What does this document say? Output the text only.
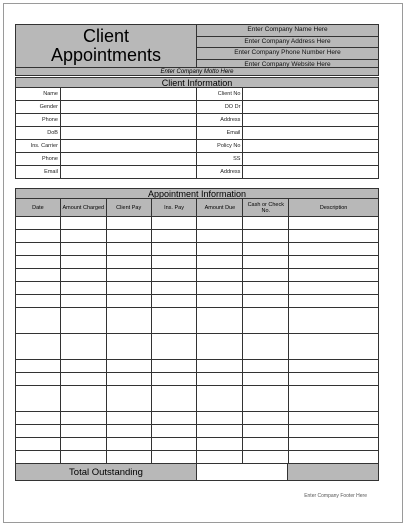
Client
Appointments
Enter Company Name Here
Enter Company Address Here
Enter Company Phone Number Here
Enter Company Website Here
Enter Company Motto Here
Client Information
Name		Client No	
Gender		DO Dr	
Phone		Address	
DoB		Email	
Ins. Carrier		Policy No	
Phone		SS	
Email		Address	
Appointment Information
Date	Amount Charged	Client Pay	Ins. Pay	Amount Due	Cash or Check No.	Description

Total Outstanding
Enter Company Footer Here
